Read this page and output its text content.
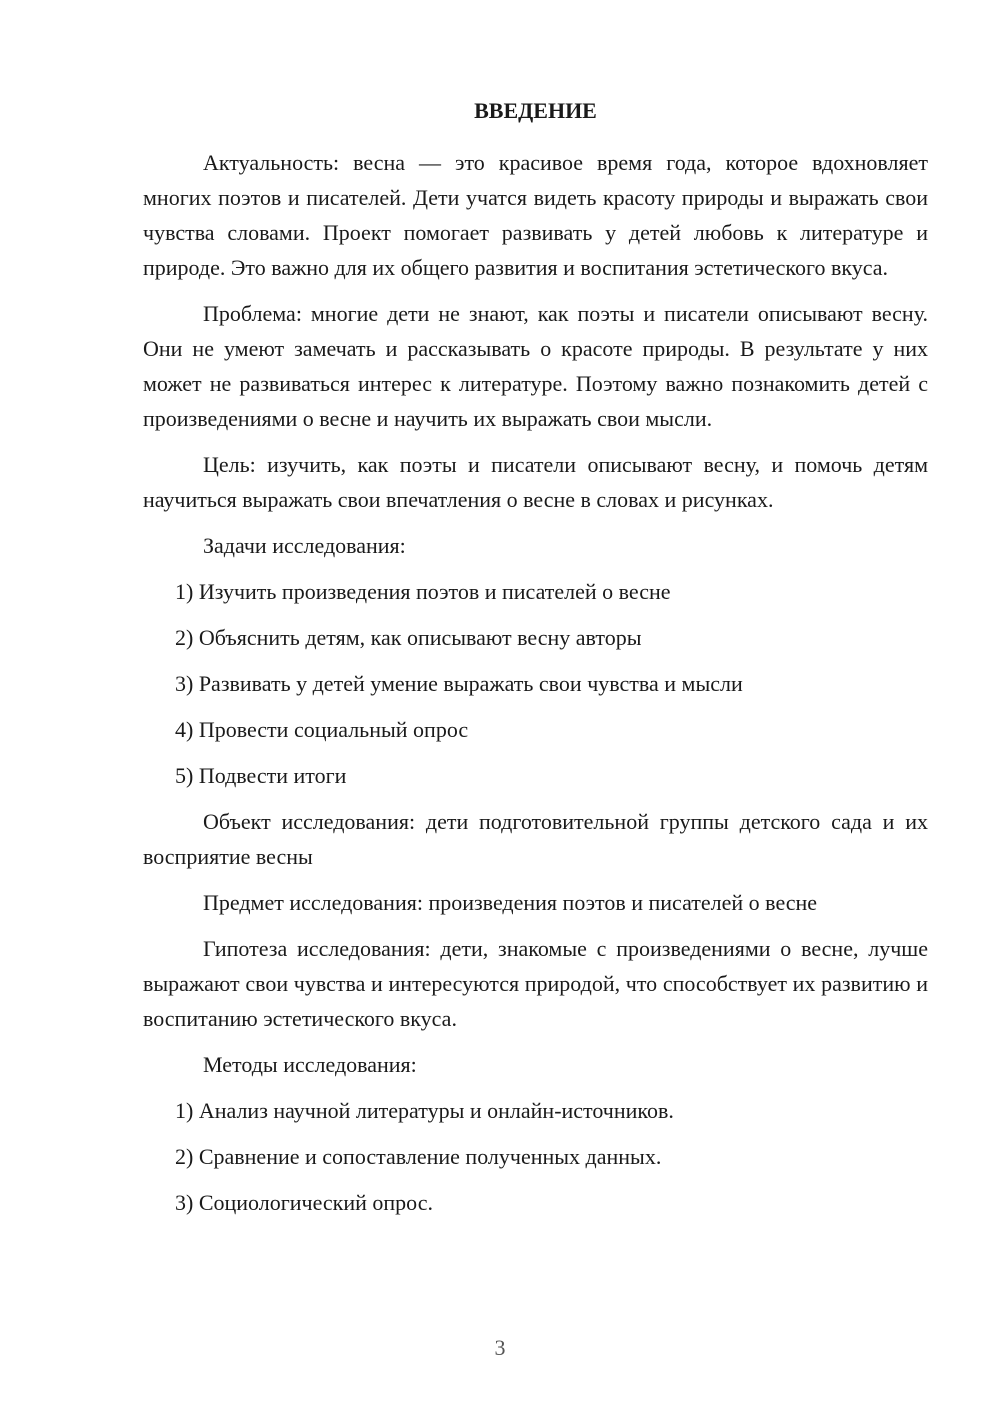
ВВЕДЕНИЕ

Актуальность: весна — это красивое время года, которое вдохновляет многих поэтов и писателей. Дети учатся видеть красоту природы и выражать свои чувства словами. Проект помогает развивать у детей любовь к литературе и природе. Это важно для их общего развития и воспитания эстетического вкуса.

Проблема: многие дети не знают, как поэты и писатели описывают весну. Они не умеют замечать и рассказывать о красоте природы. В результате у них может не развиваться интерес к литературе. Поэтому важно познакомить детей с произведениями о весне и научить их выражать свои мысли.

Цель: изучить, как поэты и писатели описывают весну, и помочь детям научиться выражать свои впечатления о весне в словах и рисунках.

Задачи исследования:

1) Изучить произведения поэтов и писателей о весне

2) Объяснить детям, как описывают весну авторы

3) Развивать у детей умение выражать свои чувства и мысли

4) Провести социальный опрос

5) Подвести итоги

Объект исследования: дети подготовительной группы детского сада и их восприятие весны

Предмет исследования: произведения поэтов и писателей о весне

Гипотеза исследования: дети, знакомые с произведениями о весне, лучше выражают свои чувства и интересуются природой, что способствует их развитию и воспитанию эстетического вкуса.

Методы исследования:

1) Анализ научной литературы и онлайн-источников.

2) Сравнение и сопоставление полученных данных.

3) Социологический опрос.

3
